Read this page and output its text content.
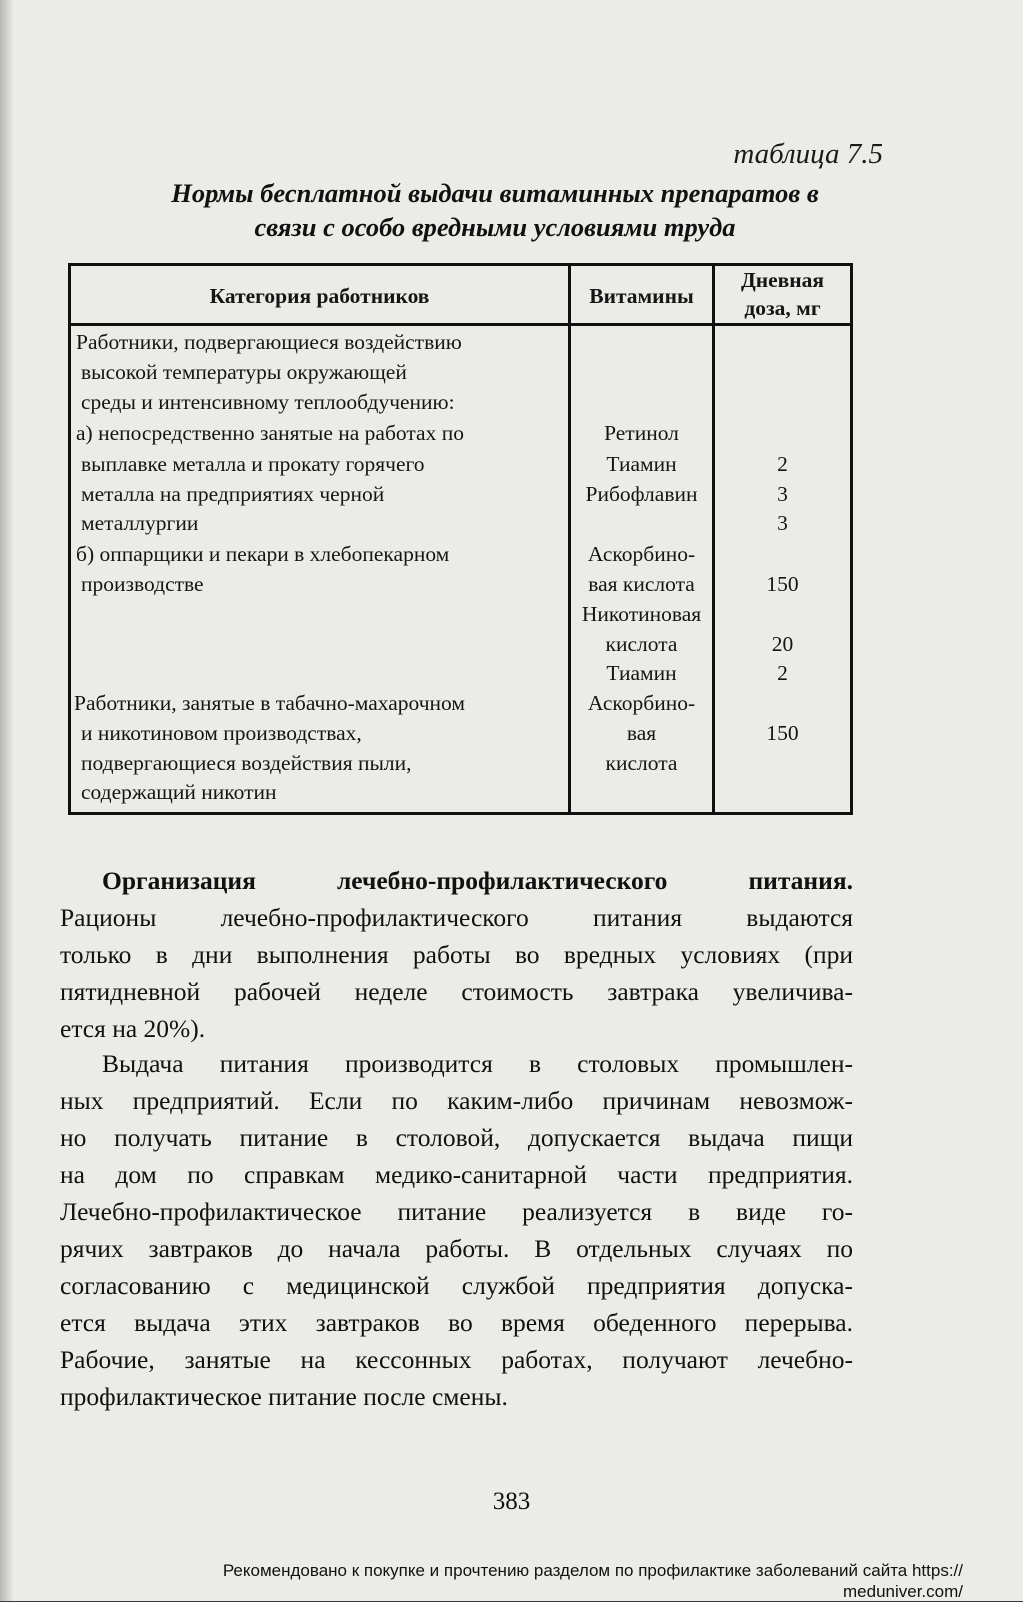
таблица 7.5
Нормы бесплатной выдачи витаминных препаратов в
связи с особо вредными условиями труда
Категория работников	Витамины
Дневная
доза, мг
Работники, подвергающиеся воздействию
высокой температуры окружающей
среды и интенсивному теплообдучению:
а) непосредственно занятые на работах по
выплавке металла и прокату горячего
металла на предприятиях черной
металлургии
б) оппарщики и пекари в хлебопекарном
производстве
Работники, занятые в табачно-махарочном
и никотиновом производствах,
подвергающиеся воздействия пыли,
содержащий никотин
Ретинол
Тиамин
Рибофлавин
Аскорбино-
вая кислота
Никотиновая
кислота
Тиамин
Аскорбино-
вая
кислота
2
3
3
150
20
2
150
Организация лечебно-профилактического питания.
Рационы лечебно-профилактического питания выдаются
только в дни выполнения работы во вредных условиях (при
пятидневной рабочей неделе стоимость завтрака увеличива-
ется на 20%).
Выдача питания производится в столовых промышлен-
ных предприятий. Если по каким-либо причинам невозмож-
но получать питание в столовой, допускается выдача пищи
на дом по справкам медико-санитарной части предприятия.
Лечебно-профилактическое питание реализуется в виде го-
рячих завтраков до начала работы. В отдельных случаях по
согласованию с медицинской службой предприятия допуска-
ется выдача этих завтраков во время обеденного перерыва.
Рабочие, занятые на кессонных работах, получают лечебно-
профилактическое питание после смены.
383
Рекомендовано к покупке и прочтению разделом по профилактике заболеваний сайта https://
meduniver.com/
